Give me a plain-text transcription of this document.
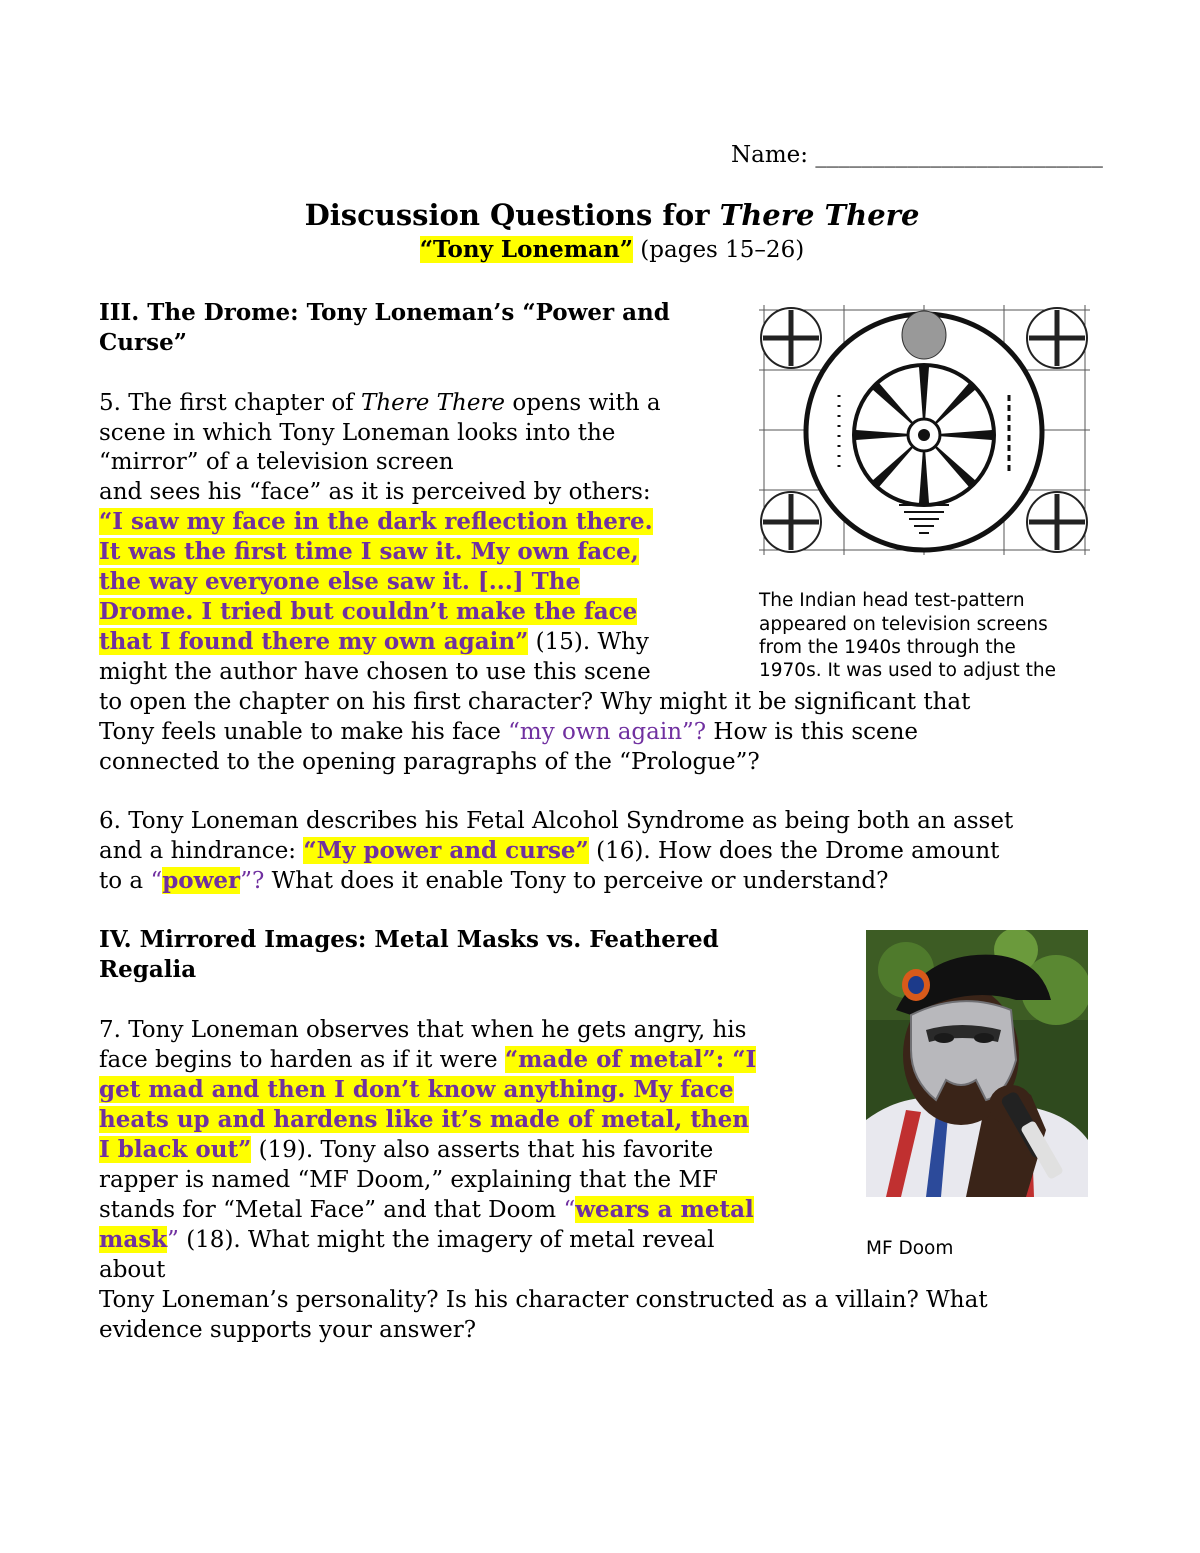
Name: _________________________
Discussion Questions for There There
“Tony Loneman” (pages 15–26)
III. The Drome: Tony Loneman’s “Power and
Curse”
5. The first chapter of There There opens with a
scene in which Tony Loneman looks into the
“mirror” of a television screen
and sees his “face” as it is perceived by others:
“I saw my face in the dark reflection there.
It was the first time I saw it. My own face,
the way everyone else saw it. [...] The
Drome. I tried but couldn’t make the face
that I found there my own again” (15). Why
might the author have chosen to use this scene
to open the chapter on his first character? Why might it be significant that
Tony feels unable to make his face “my own again”? How is this scene
connected to the opening paragraphs of the “Prologue”?
6. Tony Loneman describes his Fetal Alcohol Syndrome as being both an asset
and a hindrance: “My power and curse” (16). How does the Drome amount
to a “power”? What does it enable Tony to perceive or understand?
The Indian head test-pattern
appeared on television screens
from the 1940s through the
1970s. It was used to adjust the
IV. Mirrored Images: Metal Masks vs. Feathered
Regalia
7. Tony Loneman observes that when he gets angry, his
face begins to harden as if it were “made of metal”: “I
get mad and then I don’t know anything. My face
heats up and hardens like it’s made of metal, then
I black out” (19). Tony also asserts that his favorite
rapper is named “MF Doom,” explaining that the MF
stands for “Metal Face” and that Doom “wears a metal
mask” (18). What might the imagery of metal reveal
about
Tony Loneman’s personality? Is his character constructed as a villain? What
evidence supports your answer?
MF Doom
